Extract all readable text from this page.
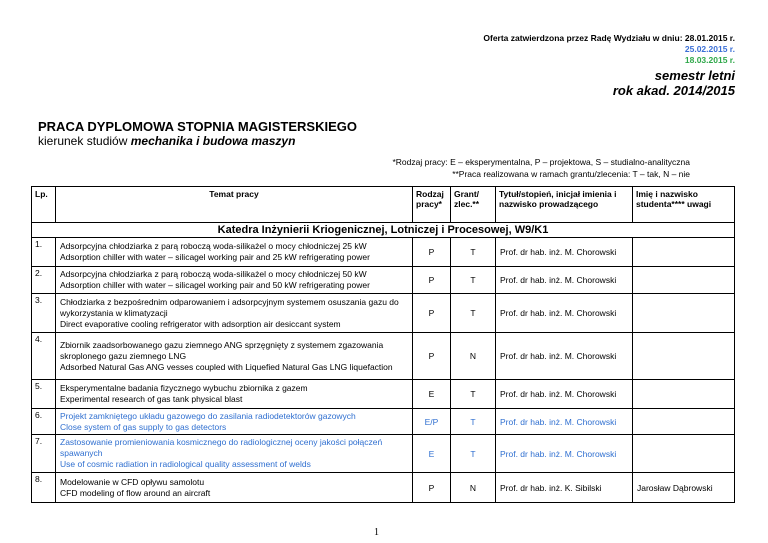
Oferta zatwierdzona przez Radę Wydziału w dniu: 28.01.2015 r.
25.02.2015 r.
18.03.2015 r.
semestr letni
rok akad. 2014/2015
PRACA DYPLOMOWA STOPNIA MAGISTERSKIEGO
kierunek studiów mechanika i budowa maszyn
*Rodzaj pracy: E – eksperymentalna, P – projektowa, S – studialno-analityczna
**Praca realizowana w ramach grantu/zlecenia: T – tak, N – nie
Lp.	Temat pracy	Rodzaj pracy*	Grant/ zlec.**	Tytuł/stopień, inicjał imienia i nazwisko prowadzącego	Imię i nazwisko studenta**** uwagi
Katedra Inżynierii Kriogenicznej, Lotniczej i Procesowej, W9/K1					
1.	Adsorpcyjna chłodziarka z parą roboczą woda-silikażel o mocy chłodniczej 25 kW
Adsorption chiller with water – silicagel working pair and 25 kW refrigerating power	P	T	Prof. dr hab. inż. M. Chorowski	
2.	Adsorpcyjna chłodziarka z parą roboczą woda-silikażel o mocy chłodniczej 50 kW
Adsorption chiller with water – silicagel working pair and 50 kW refrigerating power	P	T	Prof. dr hab. inż. M. Chorowski	
3.	Chłodziarka z bezpośrednim odparowaniem i adsorpcyjnym systemem osuszania gazu do wykorzystania w klimatyzacji
Direct evaporative cooling refrigerator with adsorption air desiccant system	P	T	Prof. dr hab. inż. M. Chorowski	
4.	Zbiornik zaadsorbowanego gazu ziemnego ANG sprzęgnięty z systemem zgazowania skroplonego gazu ziemnego LNG
Adsorbed Natural Gas ANG vesses coupled with Liquefied Natural Gas LNG liquefaction	P	N	Prof. dr hab. inż. M. Chorowski	
5.	Eksperymentalne badania fizycznego wybuchu zbiornika z gazem
Experimental research of gas tank physical blast	E	T	Prof. dr hab. inż. M. Chorowski	
6.	Projekt zamkniętego układu gazowego do zasilania radiodetektorów gazowych
Close system of gas supply to gas detectors	E/P	T	Prof. dr hab. inż. M. Chorowski	
7.	Zastosowanie promieniowania kosmicznego do radiologicznej oceny jakości połączeń spawanych
Use of cosmic radiation in radiological quality assessment of welds	E	T	Prof. dr hab. inż. M. Chorowski	
8.	Modelowanie w CFD opływu samolotu
CFD modeling of flow around an aircraft	P	N	Prof. dr hab. inż. K. Sibilski	Jarosław Dąbrowski
1
